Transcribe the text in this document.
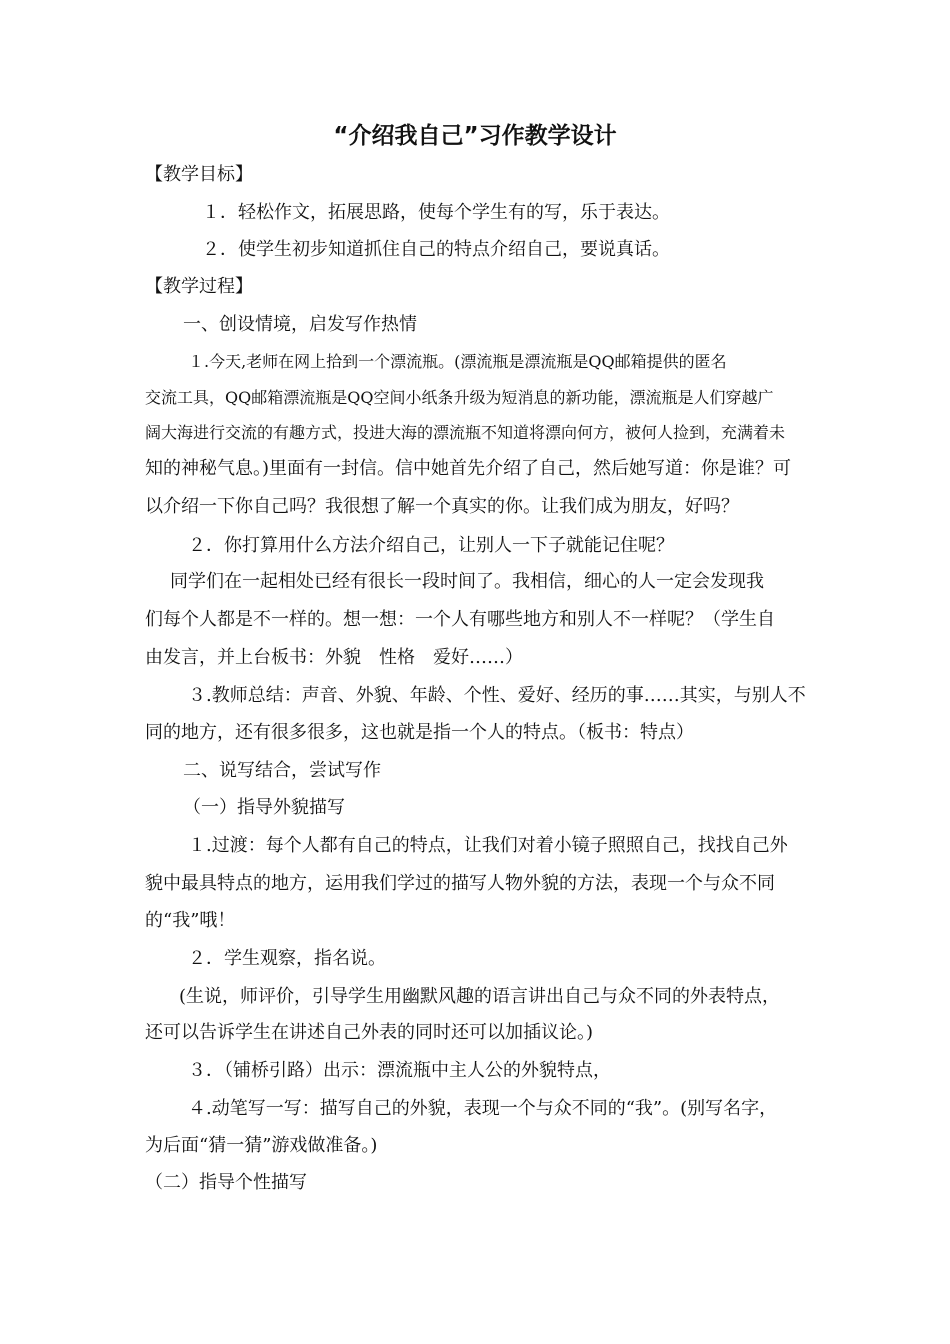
“介绍我自己”习作教学设计
【教学目标】
１．轻松作文，拓展思路，使每个学生有的写，乐于表达。
２．使学生初步知道抓住自己的特点介绍自己，要说真话。
【教学过程】
一、创设情境，启发写作热情
１.今天,老师在网上拾到一个漂流瓶。(漂流瓶是漂流瓶是QQ邮箱提供的匿名
交流工具，QQ邮箱漂流瓶是QQ空间小纸条升级为短消息的新功能，漂流瓶是人们穿越广
阔大海进行交流的有趣方式，投进大海的漂流瓶不知道将漂向何方，被何人捡到，充满着未
知的神秘气息。)里面有一封信。信中她首先介绍了自己，然后她写道：你是谁？可
以介绍一下你自己吗？我很想了解一个真实的你。让我们成为朋友，好吗？
２．你打算用什么方法介绍自己，让别人一下子就能记住呢？
同学们在一起相处已经有很长一段时间了。我相信，细心的人一定会发现我
们每个人都是不一样的。想一想：一个人有哪些地方和别人不一样呢？（学生自
由发言，并上台板书：外貌　性格　爱好……）
３.教师总结：声音、外貌、年龄、个性、爱好、经历的事……其实，与别人不
同的地方，还有很多很多，这也就是指一个人的特点。（板书：特点）
二、说写结合，尝试写作
（一）指导外貌描写
１.过渡：每个人都有自己的特点，让我们对着小镜子照照自己，找找自己外
貌中最具特点的地方，运用我们学过的描写人物外貌的方法，表现一个与众不同
的“我”哦！
２．学生观察，指名说。
(生说，师评价，引导学生用幽默风趣的语言讲出自己与众不同的外表特点，
还可以告诉学生在讲述自己外表的同时还可以加插议论。)
３．（铺桥引路）出示：漂流瓶中主人公的外貌特点，
４.动笔写一写：描写自己的外貌，表现一个与众不同的“我”。(别写名字，
为后面“猜一猜”游戏做准备。)
（二）指导个性描写
